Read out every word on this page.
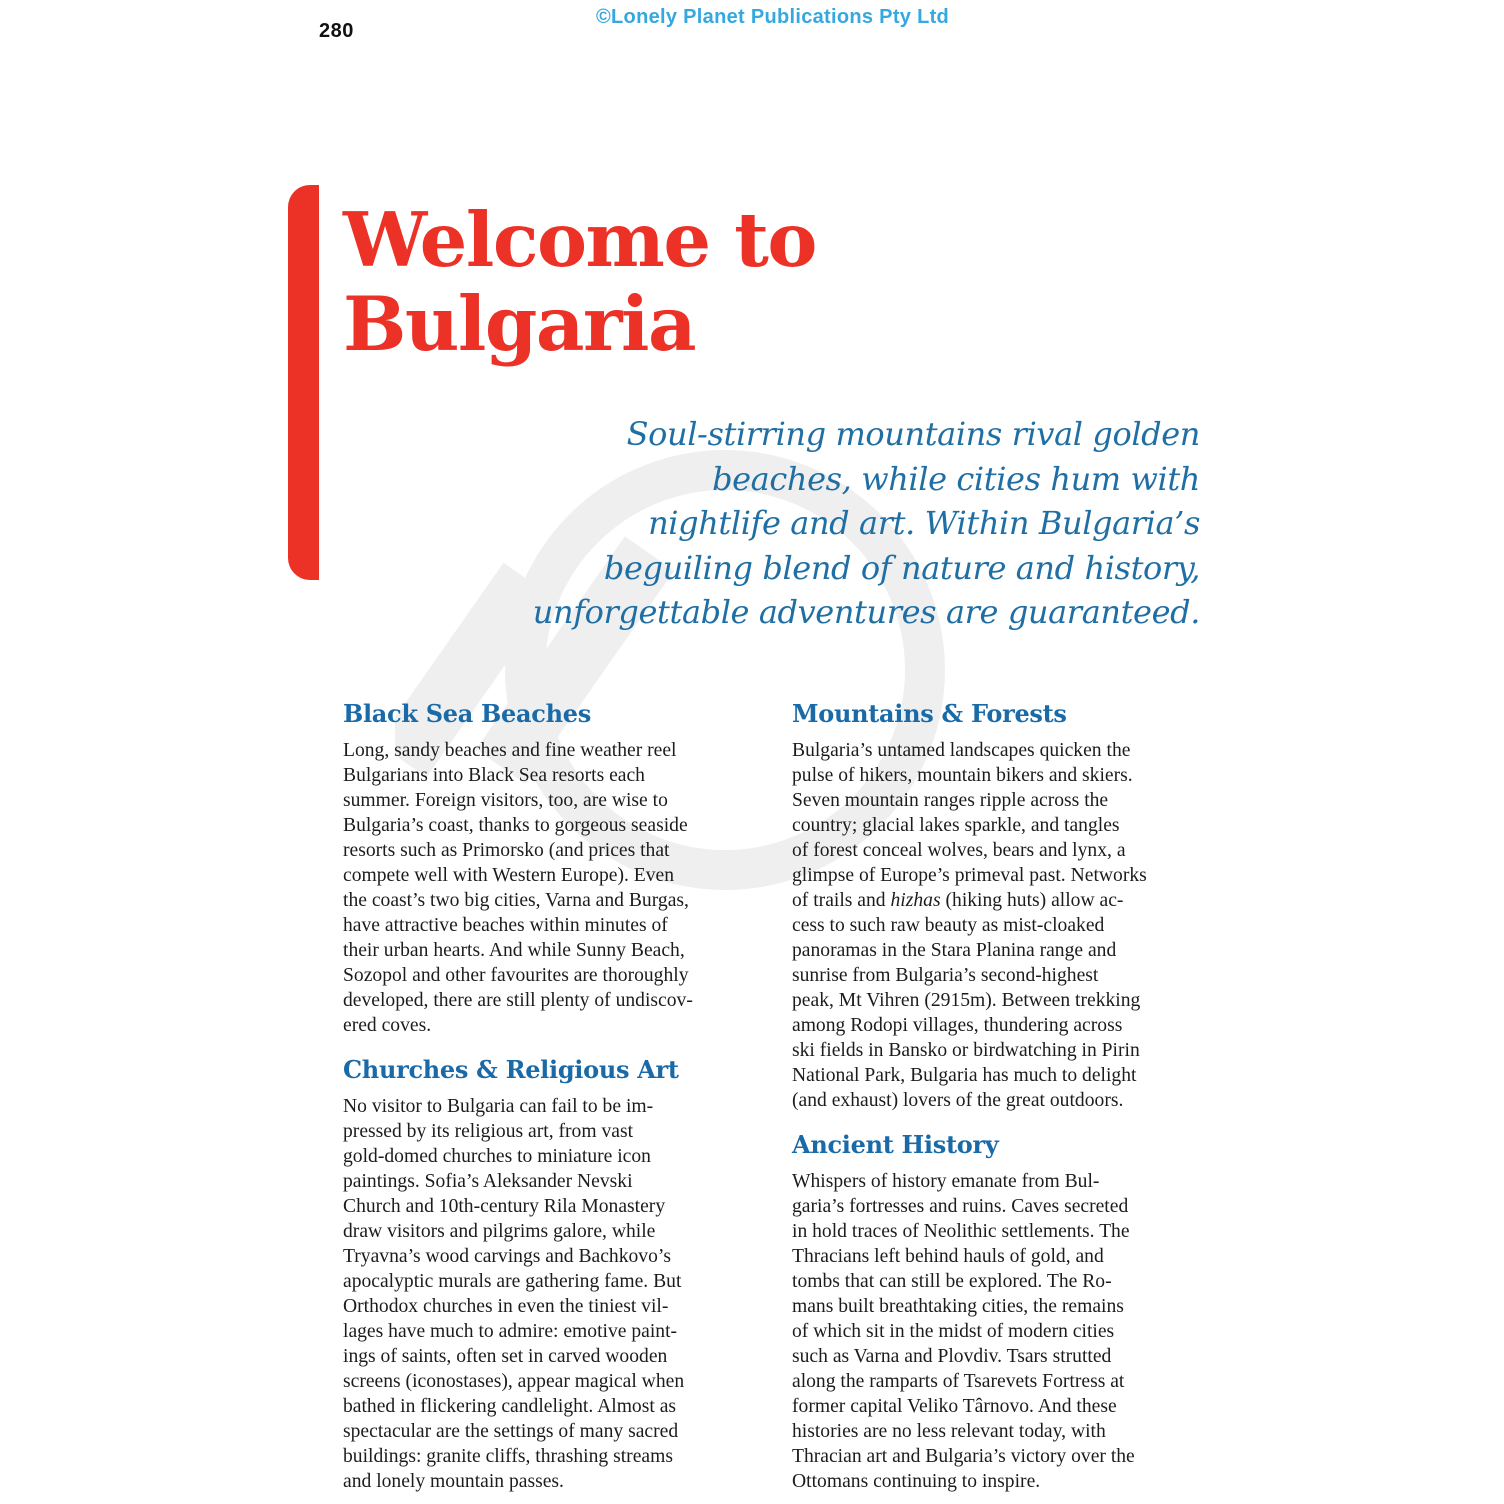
280
©Lonely Planet Publications Pty Ltd
Welcome to
Bulgaria
Soul-stirring mountains rival golden
beaches, while cities hum with
nightlife and art. Within Bulgaria’s
beguiling blend of nature and history,
unforgettable adventures are guaranteed.
Black Sea Beaches
Long, sandy beaches and fine weather reel
Bulgarians into Black Sea resorts each
summer. Foreign visitors, too, are wise to
Bulgaria’s coast, thanks to gorgeous seaside
resorts such as Primorsko (and prices that
compete well with Western Europe). Even
the coast’s two big cities, Varna and Burgas,
have attractive beaches within minutes of
their urban hearts. And while Sunny Beach,
Sozopol and other favourites are thoroughly
developed, there are still plenty of undiscov-
ered coves.
Churches & Religious Art
No visitor to Bulgaria can fail to be im-
pressed by its religious art, from vast
gold-domed churches to miniature icon
paintings. Sofia’s Aleksander Nevski
Church and 10th-century Rila Monastery
draw visitors and pilgrims galore, while
Tryavna’s wood carvings and Bachkovo’s
apocalyptic murals are gathering fame. But
Orthodox churches in even the tiniest vil-
lages have much to admire: emotive paint-
ings of saints, often set in carved wooden
screens (iconostases), appear magical when
bathed in flickering candlelight. Almost as
spectacular are the settings of many sacred
buildings: granite cliffs, thrashing streams
and lonely mountain passes.
Mountains & Forests
Bulgaria’s untamed landscapes quicken the
pulse of hikers, mountain bikers and skiers.
Seven mountain ranges ripple across the
country; glacial lakes sparkle, and tangles
of forest conceal wolves, bears and lynx, a
glimpse of Europe’s primeval past. Networks
of trails and hizhas (hiking huts) allow ac-
cess to such raw beauty as mist-cloaked
panoramas in the Stara Planina range and
sunrise from Bulgaria’s second-highest
peak, Mt Vihren (2915m). Between trekking
among Rodopi villages, thundering across
ski fields in Bansko or birdwatching in Pirin
National Park, Bulgaria has much to delight
(and exhaust) lovers of the great outdoors.
Ancient History
Whispers of history emanate from Bul-
garia’s fortresses and ruins. Caves secreted
in hold traces of Neolithic settlements. The
Thracians left behind hauls of gold, and
tombs that can still be explored. The Ro-
mans built breathtaking cities, the remains
of which sit in the midst of modern cities
such as Varna and Plovdiv. Tsars strutted
along the ramparts of Tsarevets Fortress at
former capital Veliko Târnovo. And these
histories are no less relevant today, with
Thracian art and Bulgaria’s victory over the
Ottomans continuing to inspire.
